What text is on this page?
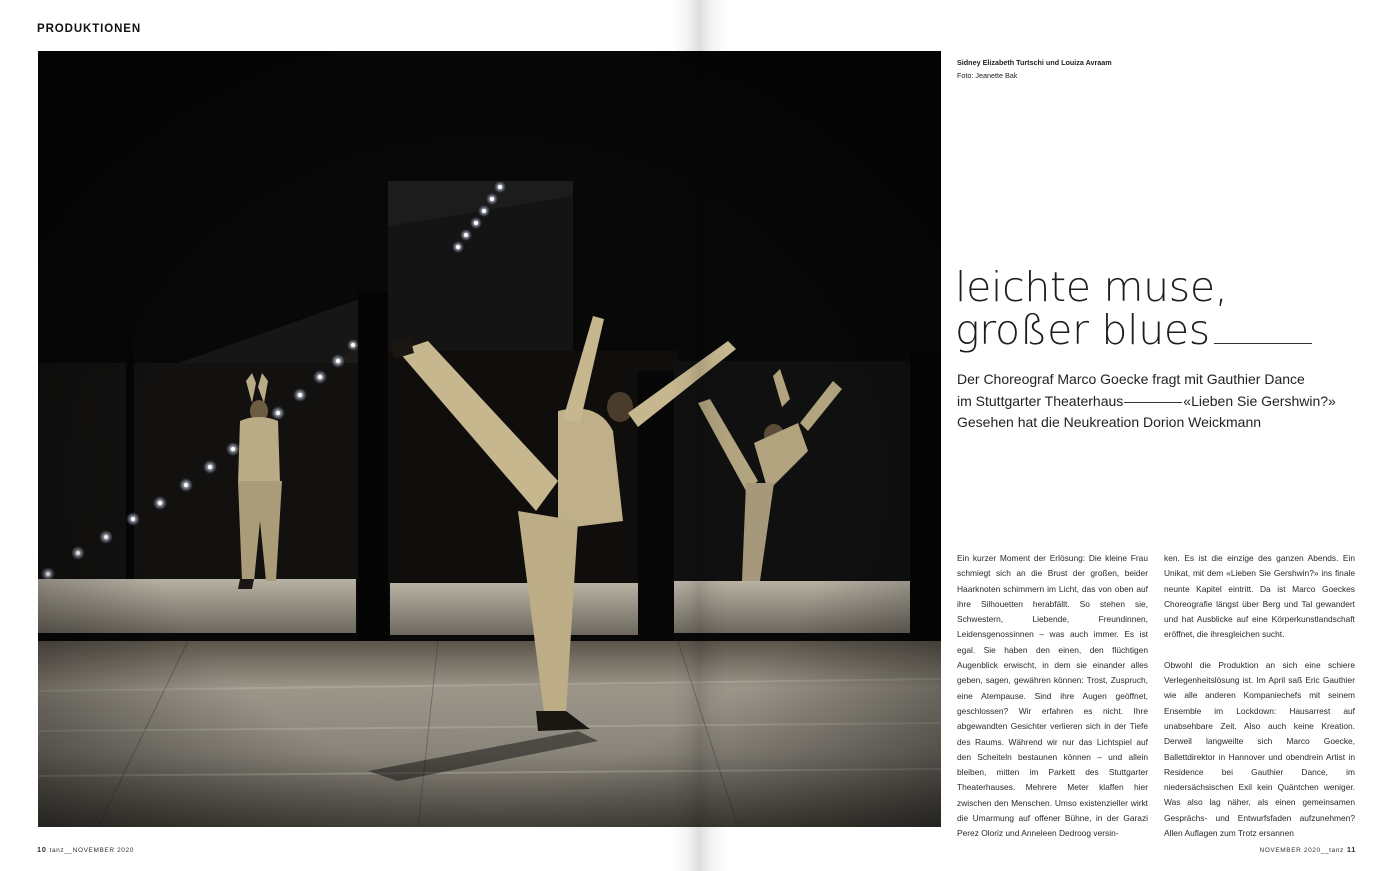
PRODUKTIONEN
Sidney Elizabeth Turtschi und Louiza Avraam
Foto: Jeanette Bak
leichte muse,
großer blues
Der Choreograf Marco Goecke fragt mit Gauthier Dance
im Stuttgarter Theaterhaus	«Lieben Sie Gershwin?»
Gesehen hat die Neukreation Dorion Weickmann

Ein kurzer Moment der Erlösung: Die kleine Frau schmiegt sich an die Brust der großen, beider Haarknoten schimmern im Licht, das von oben auf ihre Silhouetten herabfällt. So stehen sie, Schwestern, Liebende, Freundinnen, Leidensgenossinnen – was auch immer. Es ist egal. Sie haben den einen, den flüchtigen Augenblick erwischt, in dem sie einander alles geben, sagen, gewähren können: Trost, Zuspruch, eine Atempause. Sind ihre Augen geöffnet, geschlossen? Wir erfahren es nicht. Ihre abgewandten Gesichter verlieren sich in der Tiefe des Raums. Während wir nur das Lichtspiel auf den Scheiteln bestaunen können – und allein bleiben, mitten im Parkett des Stuttgarter Theaterhauses. Mehrere Meter klaffen hier zwischen den Menschen. Umso existenzieller wirkt die Umarmung auf offener Bühne, in der Garazi Perez Oloriz und Anneleen Dedroog versin-

ken. Es ist die einzige des ganzen Abends. Ein Unikat, mit dem «Lieben Sie Gershwin?» ins finale neunte Kapitel eintritt. Da ist Marco Goeckes Choreografie längst über Berg und Tal gewandert und hat Ausblicke auf eine Körperkunstlandschaft eröffnet, die ihresgleichen sucht.

Obwohl die Produktion an sich eine schiere Verlegenheitslösung ist. Im April saß Eric Gauthier wie alle anderen Kompaniechefs mit seinem Ensemble im Lockdown: Hausarrest auf unabsehbare Zeit. Also auch keine Kreation. Derweil langweilte sich Marco Goecke, Ballettdirektor in Hannover und obendrein Artist in Residence bei Gauthier Dance, im niedersächsischen Exil kein Quäntchen weniger. Was also lag näher, als einen gemeinsamen Gesprächs- und Entwurfsfaden aufzunehmen? Allen Auflagen zum Trotz ersannen

10 tanz__NOVEMBER 2020	NOVEMBER 2020__tanz 11
